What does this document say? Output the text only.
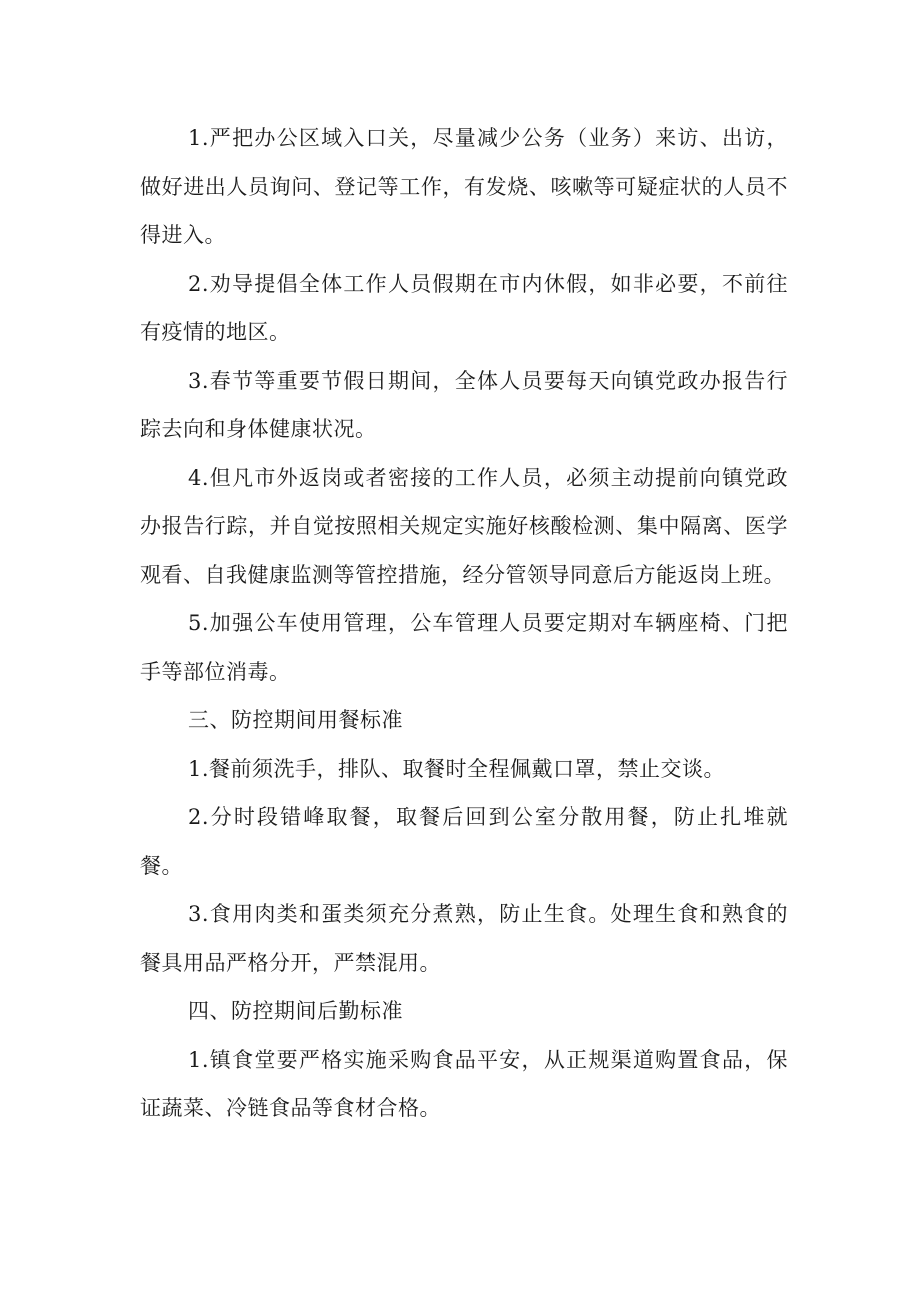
1.严把办公区域入口关，尽量减少公务（业务）来访、出访，做好进出人员询问、登记等工作，有发烧、咳嗽等可疑症状的人员不得进入。

2.劝导提倡全体工作人员假期在市内休假，如非必要，不前往有疫情的地区。

3.春节等重要节假日期间，全体人员要每天向镇党政办报告行踪去向和身体健康状况。

4.但凡市外返岗或者密接的工作人员，必须主动提前向镇党政办报告行踪，并自觉按照相关规定实施好核酸检测、集中隔离、医学观看、自我健康监测等管控措施，经分管领导同意后方能返岗上班。

5.加强公车使用管理，公车管理人员要定期对车辆座椅、门把手等部位消毒。

三、防控期间用餐标准

1.餐前须洗手，排队、取餐时全程佩戴口罩，禁止交谈。

2.分时段错峰取餐，取餐后回到公室分散用餐，防止扎堆就餐。

3.食用肉类和蛋类须充分煮熟，防止生食。处理生食和熟食的餐具用品严格分开，严禁混用。

四、防控期间后勤标准

1.镇食堂要严格实施采购食品平安，从正规渠道购置食品，保证蔬菜、冷链食品等食材合格。
